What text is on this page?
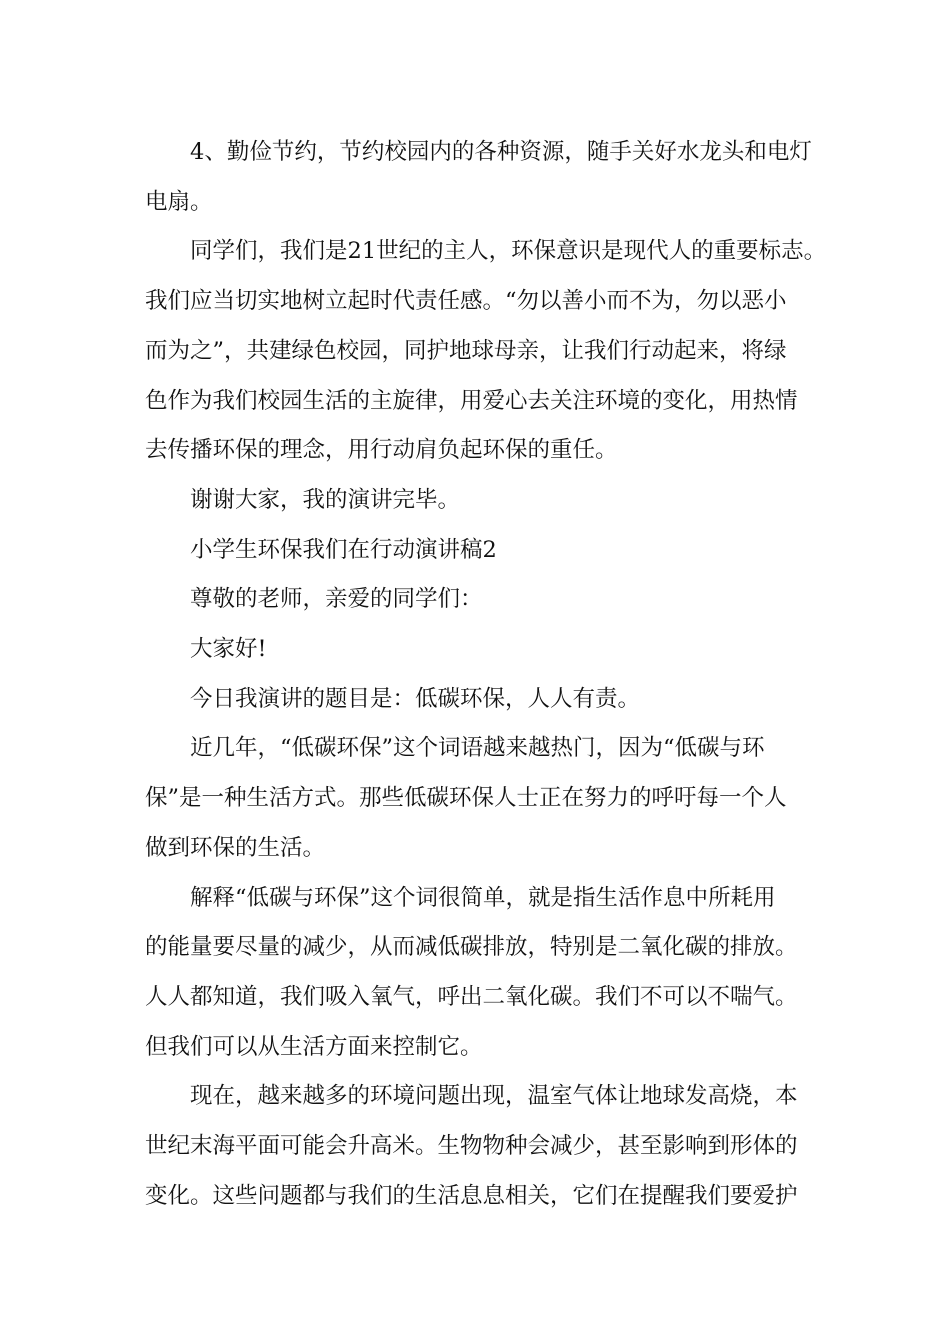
　　4、勤俭节约，节约校园内的各种资源，随手关好水龙头和电灯
电扇。
　　同学们，我们是21世纪的主人，环保意识是现代人的重要标志。
我们应当切实地树立起时代责任感。“勿以善小而不为，勿以恶小
而为之”，共建绿色校园，同护地球母亲，让我们行动起来，将绿
色作为我们校园生活的主旋律，用爱心去关注环境的变化，用热情
去传播环保的理念，用行动肩负起环保的重任。
　　谢谢大家，我的演讲完毕。
　　小学生环保我们在行动演讲稿2
　　尊敬的老师，亲爱的同学们：
　　大家好!
　　今日我演讲的题目是：低碳环保，人人有责。
　　近几年，“低碳环保”这个词语越来越热门，因为“低碳与环
保”是一种生活方式。那些低碳环保人士正在努力的呼吁每一个人
做到环保的生活。
　　解释“低碳与环保”这个词很简单，就是指生活作息中所耗用
的能量要尽量的减少，从而减低碳排放，特别是二氧化碳的排放。
人人都知道，我们吸入氧气，呼出二氧化碳。我们不可以不喘气。
但我们可以从生活方面来控制它。
　　现在，越来越多的环境问题出现，温室气体让地球发高烧，本
世纪末海平面可能会升高米。生物物种会减少，甚至影响到形体的
变化。这些问题都与我们的生活息息相关，它们在提醒我们要爱护
